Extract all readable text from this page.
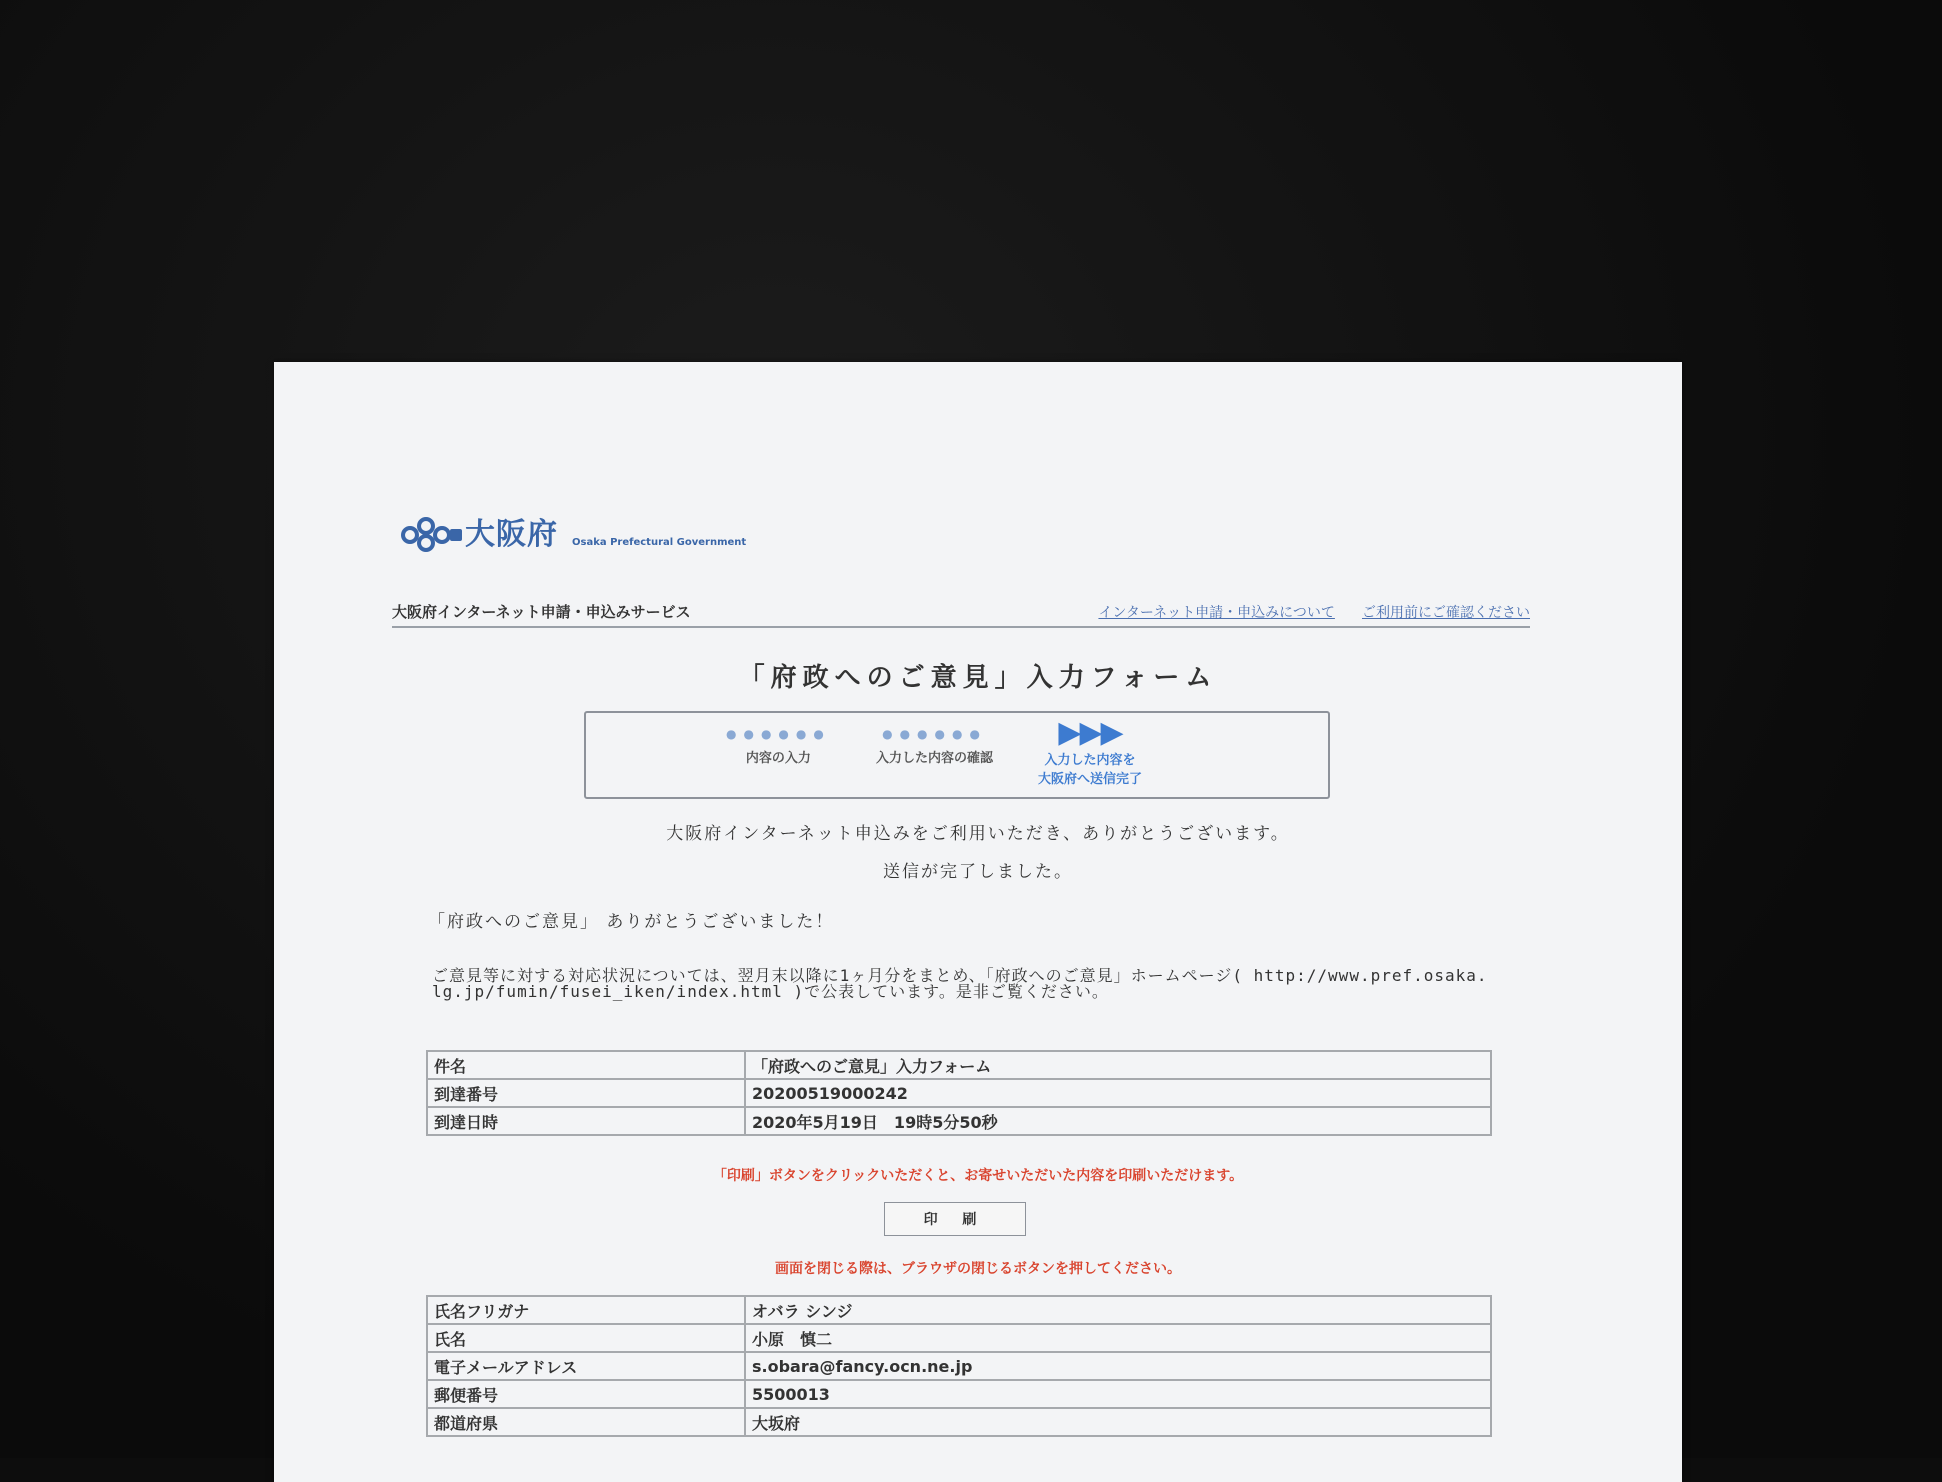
大阪府 Osaka Prefectural Government
大阪府インターネット申請・申込みサービス	インターネット申請・申込みについて ご利用前にご確認ください
「府政へのご意見」入力フォーム
●●●●●●
内容の入力
●●●●●●
入力した内容の確認
▶▶▶
入力した内容を
大阪府へ送信完了
大阪府インターネット申込みをご利用いただき、ありがとうございます。
送信が完了しました。
「府政へのご意見」 ありがとうございました！
ご意見等に対する対応状況については、翌月末以降に1ヶ月分をまとめ、「府政へのご意見」ホームページ( http://www.pref.osaka.lg.jp/fumin/fusei_iken/index.html )で公表しています。是非ご覧ください。
件名	「府政へのご意見」入力フォーム
到達番号	20200519000242
到達日時	2020年5月19日　19時5分50秒
「印刷」ボタンをクリックいただくと、お寄せいただいた内容を印刷いただけます。
印 刷
画面を閉じる際は、ブラウザの閉じるボタンを押してください。
氏名フリガナ	オバラ シンジ
氏名	小原　慎二
電子メールアドレス	s.obara@fancy.ocn.ne.jp
郵便番号	5500013
都道府県	大坂府
